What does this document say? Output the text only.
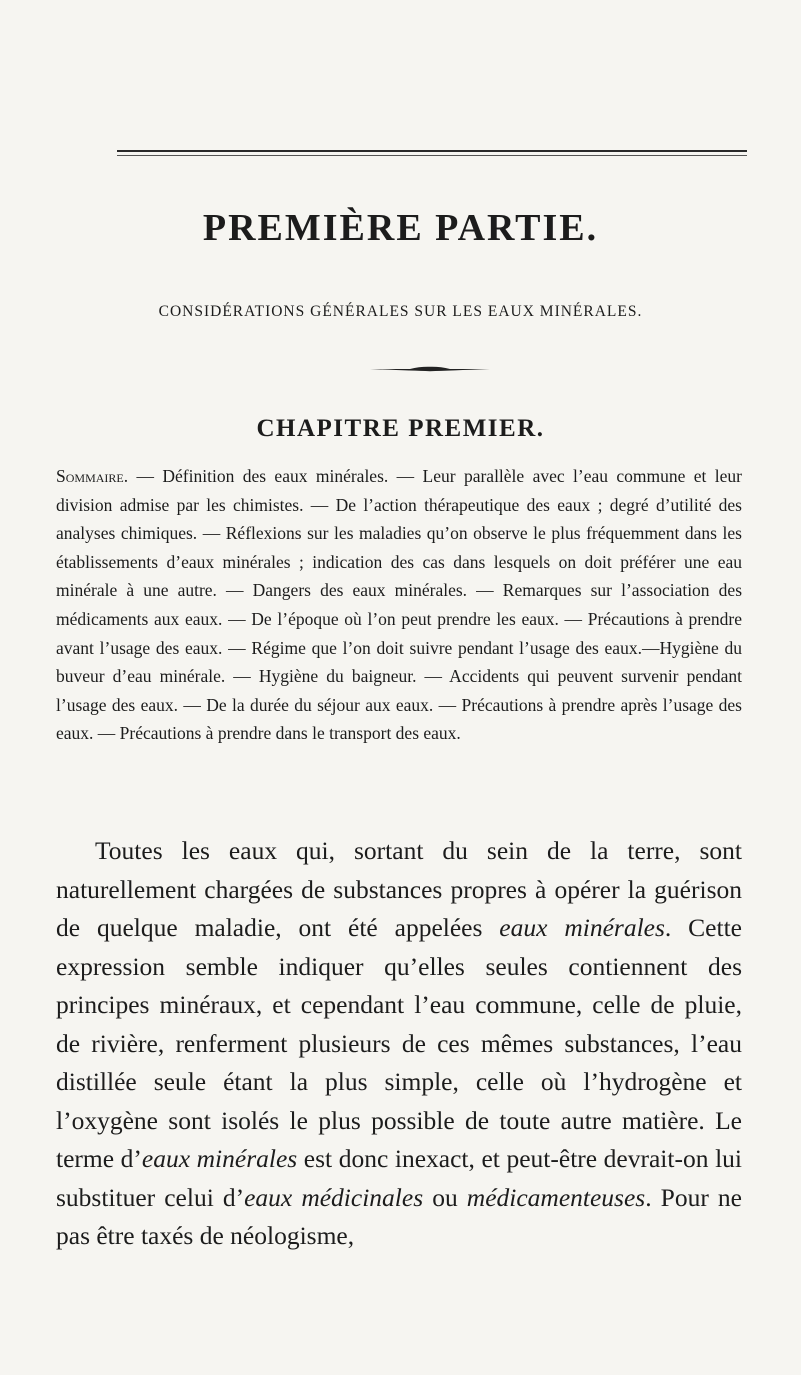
PREMIÈRE PARTIE.
CONSIDÉRATIONS GÉNÉRALES SUR LES EAUX MINÉRALES.
CHAPITRE PREMIER.

Sommaire. — Définition des eaux minérales. — Leur parallèle avec l’eau commune et leur division admise par les chimistes. — De l’action thérapeutique des eaux ; degré d’utilité des analyses chimiques. — Réflexions sur les maladies qu’on observe le plus fréquemment dans les établissements d’eaux minérales ; indication des cas dans lesquels on doit préférer une eau minérale à une autre. — Dangers des eaux minérales. — Remarques sur l’association des médicaments aux eaux. — De l’époque où l’on peut prendre les eaux. — Précautions à prendre avant l’usage des eaux. — Régime que l’on doit suivre pendant l’usage des eaux.—Hygiène du buveur d’eau minérale. — Hygiène du baigneur. — Accidents qui peuvent survenir pendant l’usage des eaux. — De la durée du séjour aux eaux. — Précautions à prendre après l’usage des eaux. — Précautions à prendre dans le transport des eaux.

Toutes les eaux qui, sortant du sein de la terre, sont naturellement chargées de substances propres à opérer la guérison de quelque maladie, ont été appelées eaux minérales. Cette expression semble indiquer qu’elles seules contiennent des principes minéraux, et cependant l’eau commune, celle de pluie, de rivière, renferment plusieurs de ces mêmes substances, l’eau distillée seule étant la plus simple, celle où l’hydrogène et l’oxygène sont isolés le plus possible de toute autre matière. Le terme d’eaux minérales est donc inexact, et peut-être devrait-on lui substituer celui d’eaux médicinales ou médicamenteuses. Pour ne pas être taxés de néologisme,
